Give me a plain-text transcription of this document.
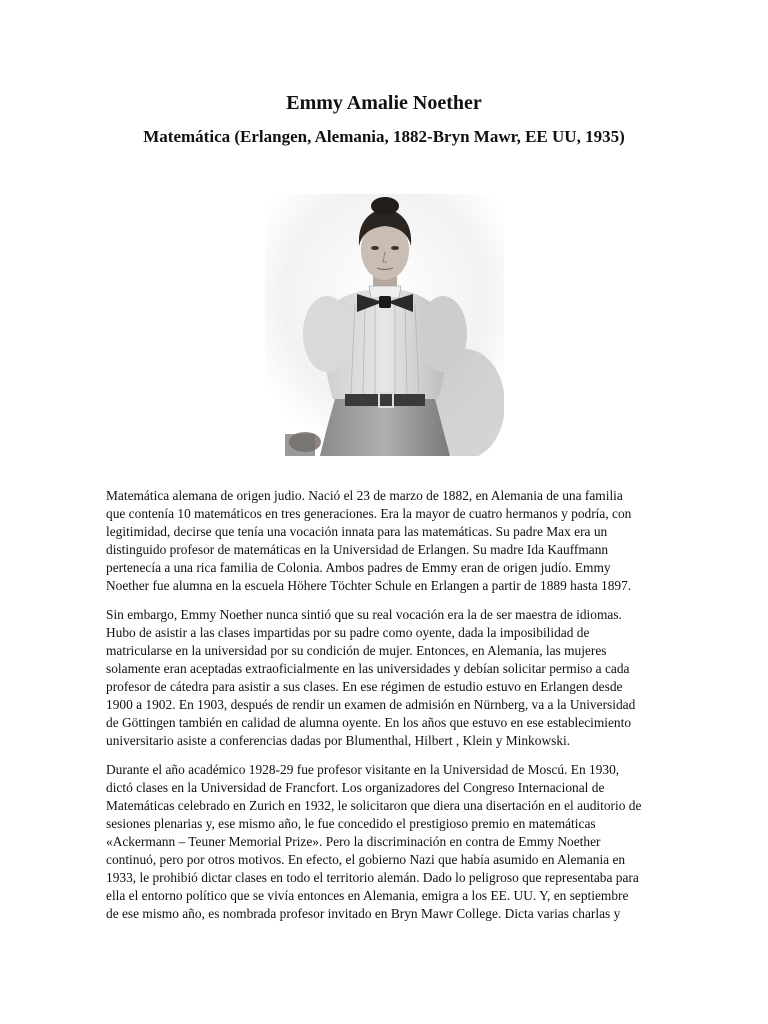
Emmy Amalie Noether
Matemática (Erlangen, Alemania, 1882-Bryn Mawr, EE UU, 1935)

Matemática alemana de origen judio. Nació el 23 de marzo de 1882, en Alemania de una familia
que contenía 10 matemáticos en tres generaciones. Era la mayor de cuatro hermanos y podría, con
legitimidad, decirse que tenía una vocación innata para las matemáticas. Su padre Max era un
distinguido profesor de matemáticas en la Universidad de Erlangen. Su madre Ida Kauffmann
pertenecía a una rica familia de Colonia. Ambos padres de Emmy eran de origen judío. Emmy
Noether fue alumna en la escuela Höhere Töchter Schule en Erlangen a partir de 1889 hasta 1897.

Sin embargo, Emmy Noether nunca sintió que su real vocación era la de ser maestra de idiomas.
Hubo de asistir a las clases impartidas por su padre como oyente, dada la imposibilidad de
matricularse en la universidad por su condición de mujer. Entonces, en Alemania, las mujeres
solamente eran aceptadas extraoficialmente en las universidades y debían solicitar permiso a cada
profesor de cátedra para asistir a sus clases. En ese régimen de estudio estuvo en Erlangen desde
1900 a 1902. En 1903, después de rendir un examen de admisión en Nürnberg, va a la Universidad
de Göttingen también en calidad de alumna oyente. En los años que estuvo en ese establecimiento
universitario asiste a conferencias dadas por Blumenthal, Hilbert , Klein y Minkowski.

Durante el año académico 1928-29 fue profesor visitante en la Universidad de Moscú. En 1930,
dictó clases en la Universidad de Francfort. Los organizadores del Congreso Internacional de
Matemáticas celebrado en Zurich en 1932, le solicitaron que diera una disertación en el auditorio de
sesiones plenarias y, ese mismo año, le fue concedido el prestigioso premio en matemáticas
«Ackermann – Teuner Memorial Prize». Pero la discriminación en contra de Emmy Noether
continuó, pero por otros motivos. En efecto, el gobierno Nazi que había asumido en Alemania en
1933, le prohibió dictar clases en todo el territorio alemán. Dado lo peligroso que representaba para
ella el entorno político que se vivía entonces en Alemania, emigra a los EE. UU. Y, en septiembre
de ese mismo año, es nombrada profesor invitado en Bryn Mawr College. Dicta varias charlas y
